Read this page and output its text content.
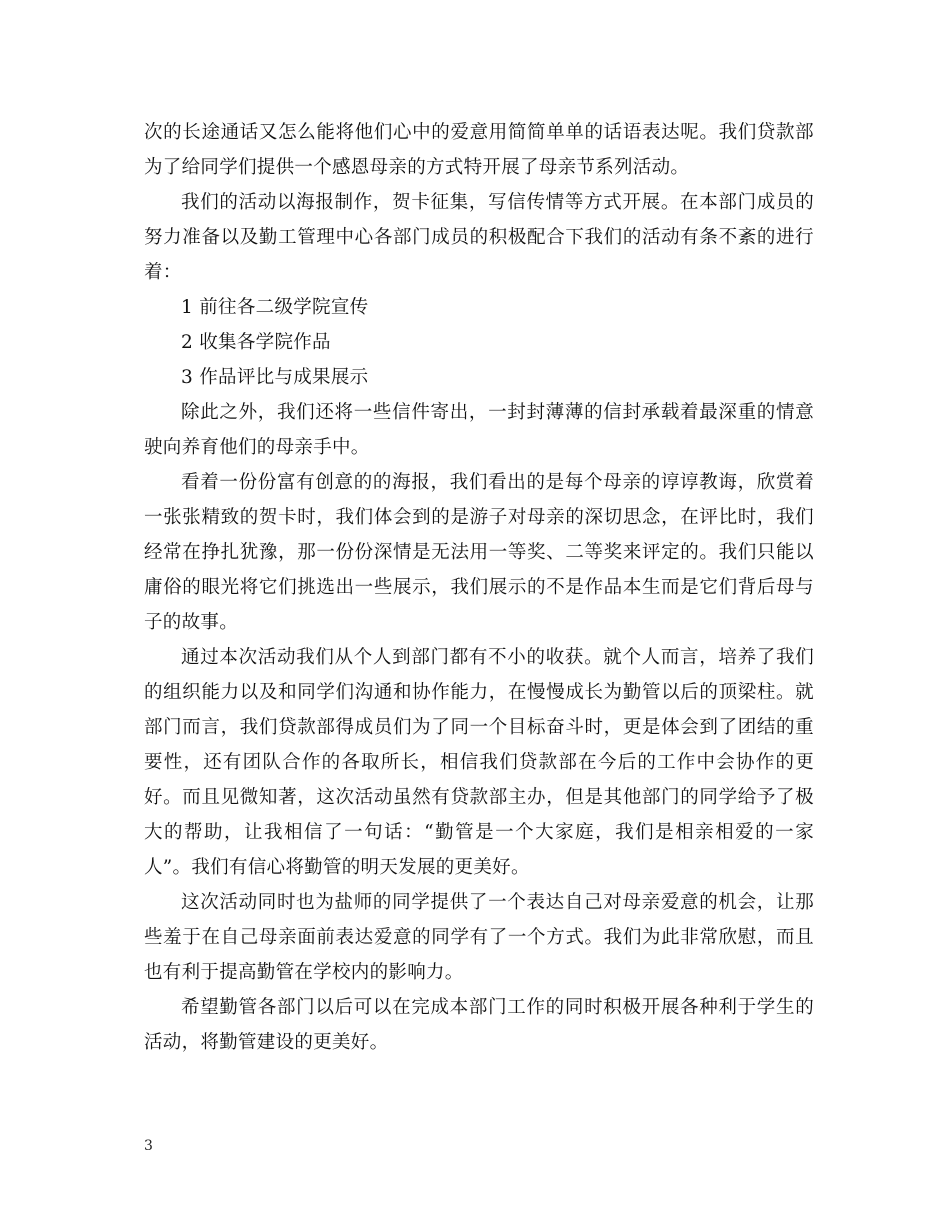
次的长途通话又怎么能将他们心中的爱意用简简单单的话语表达呢。我们贷款部为了给同学们提供一个感恩母亲的方式特开展了母亲节系列活动。

我们的活动以海报制作，贺卡征集，写信传情等方式开展。在本部门成员的努力准备以及勤工管理中心各部门成员的积极配合下我们的活动有条不紊的进行着：

1 前往各二级学院宣传

2 收集各学院作品

3 作品评比与成果展示

除此之外，我们还将一些信件寄出，一封封薄薄的信封承载着最深重的情意驶向养育他们的母亲手中。

看着一份份富有创意的的海报，我们看出的是每个母亲的谆谆教诲，欣赏着一张张精致的贺卡时，我们体会到的是游子对母亲的深切思念，在评比时，我们经常在挣扎犹豫，那一份份深情是无法用一等奖、二等奖来评定的。我们只能以庸俗的眼光将它们挑选出一些展示，我们展示的不是作品本生而是它们背后母与子的故事。

通过本次活动我们从个人到部门都有不小的收获。就个人而言，培养了我们的组织能力以及和同学们沟通和协作能力，在慢慢成长为勤管以后的顶梁柱。就部门而言，我们贷款部得成员们为了同一个目标奋斗时，更是体会到了团结的重要性，还有团队合作的各取所长，相信我们贷款部在今后的工作中会协作的更好。而且见微知著，这次活动虽然有贷款部主办，但是其他部门的同学给予了极大的帮助，让我相信了一句话：“勤管是一个大家庭，我们是相亲相爱的一家人”。我们有信心将勤管的明天发展的更美好。

这次活动同时也为盐师的同学提供了一个表达自己对母亲爱意的机会，让那些羞于在自己母亲面前表达爱意的同学有了一个方式。我们为此非常欣慰，而且也有利于提高勤管在学校内的影响力。

希望勤管各部门以后可以在完成本部门工作的同时积极开展各种利于学生的活动，将勤管建设的更美好。

3
